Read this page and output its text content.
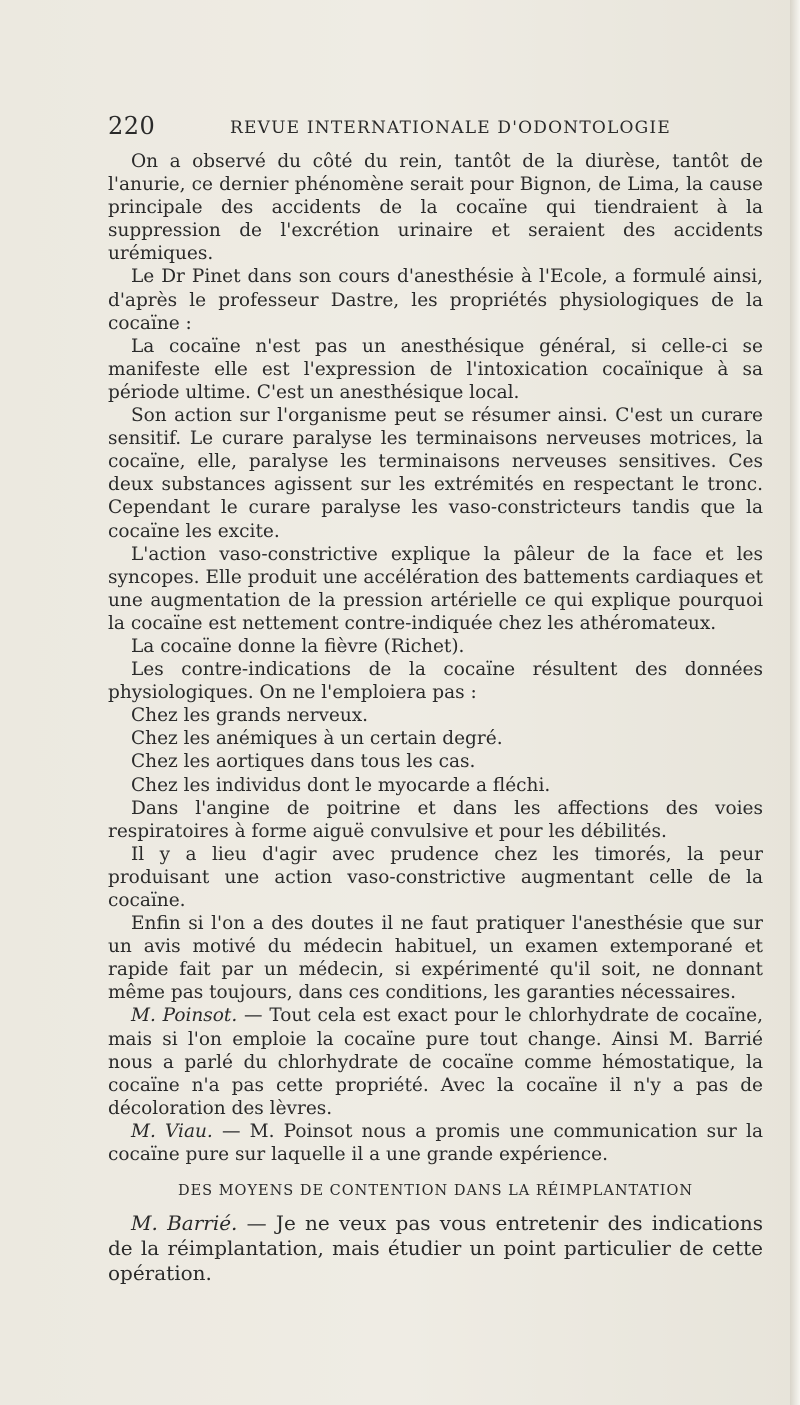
220	REVUE INTERNATIONALE D'ODONTOLOGIE

On a observé du côté du rein, tantôt de la diurèse, tantôt de l'anurie, ce dernier phénomène serait pour Bignon, de Lima, la cause principale des accidents de la cocaïne qui tiendraient à la suppression de l'excrétion urinaire et seraient des accidents urémiques.

Le Dr Pinet dans son cours d'anesthésie à l'Ecole, a formulé ainsi, d'après le professeur Dastre, les propriétés physiologiques de la cocaïne :

La cocaïne n'est pas un anesthésique général, si celle-ci se manifeste elle est l'expression de l'intoxication cocaïnique à sa période ultime. C'est un anesthésique local.

Son action sur l'organisme peut se résumer ainsi. C'est un curare sensitif. Le curare paralyse les terminaisons nerveuses motrices, la cocaïne, elle, paralyse les terminaisons nerveuses sensitives. Ces deux substances agissent sur les extrémités en respectant le tronc. Cependant le curare paralyse les vaso-constricteurs tandis que la cocaïne les excite.

L'action vaso-constrictive explique la pâleur de la face et les syncopes. Elle produit une accélération des battements cardiaques et une augmentation de la pression artérielle ce qui explique pourquoi la cocaïne est nettement contre-indiquée chez les athéromateux.

La cocaïne donne la fièvre (Richet).

Les contre-indications de la cocaïne résultent des données physiologiques. On ne l'emploiera pas :

Chez les grands nerveux.

Chez les anémiques à un certain degré.

Chez les aortiques dans tous les cas.

Chez les individus dont le myocarde a fléchi.

Dans l'angine de poitrine et dans les affections des voies respiratoires à forme aiguë convulsive et pour les débilités.

Il y a lieu d'agir avec prudence chez les timorés, la peur produisant une action vaso-constrictive augmentant celle de la cocaïne.

Enfin si l'on a des doutes il ne faut pratiquer l'anesthésie que sur un avis motivé du médecin habituel, un examen extemporané et rapide fait par un médecin, si expérimenté qu'il soit, ne donnant même pas toujours, dans ces conditions, les garanties nécessaires.

M. Poinsot. — Tout cela est exact pour le chlorhydrate de cocaïne, mais si l'on emploie la cocaïne pure tout change. Ainsi M. Barrié nous a parlé du chlorhydrate de cocaïne comme hémostatique, la cocaïne n'a pas cette propriété. Avec la cocaïne il n'y a pas de décoloration des lèvres.

M. Viau. — M. Poinsot nous a promis une communication sur la cocaïne pure sur laquelle il a une grande expérience.

DES MOYENS DE CONTENTION DANS LA RÉIMPLANTATION

M. Barrié. — Je ne veux pas vous entretenir des indications de la réimplantation, mais étudier un point particulier de cette opération.
